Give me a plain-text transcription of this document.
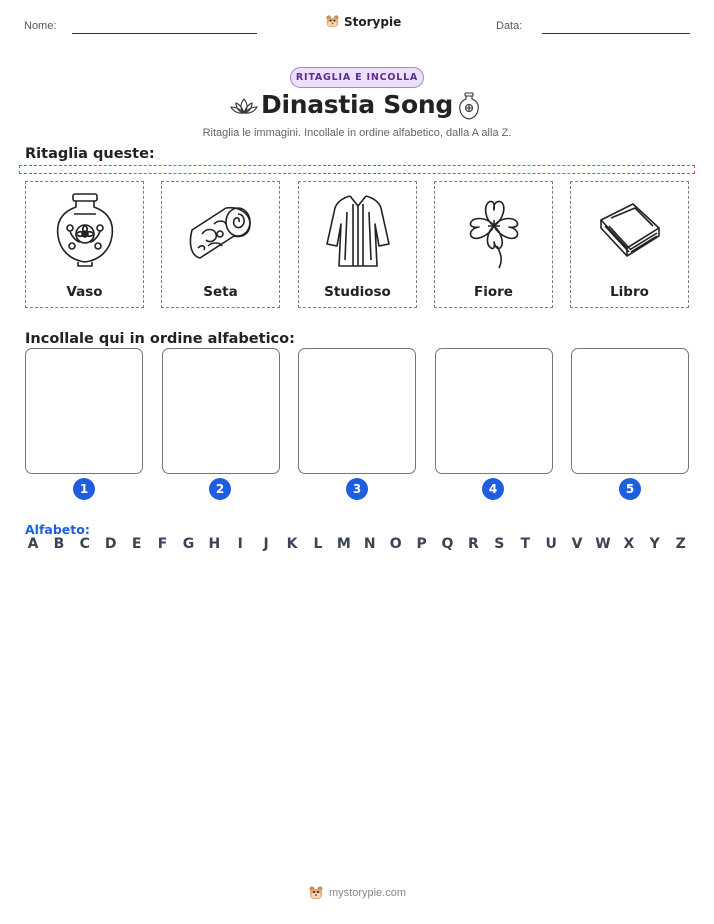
Nome:	Storypie	Data:
RITAGLIA E INCOLLA
Dinastia Song
Ritaglia le immagini. Incollale in ordine alfabetico, dalla A alla Z.
Ritaglia queste:
Vaso	Seta	Studioso	Fiore	Libro
Incollale qui in ordine alfabetico:
1	2	3	4	5
Alfabeto:
A B C D E F G H	I	J	K L M N O P Q R S T U V W X Y Z
mystorypie.com
